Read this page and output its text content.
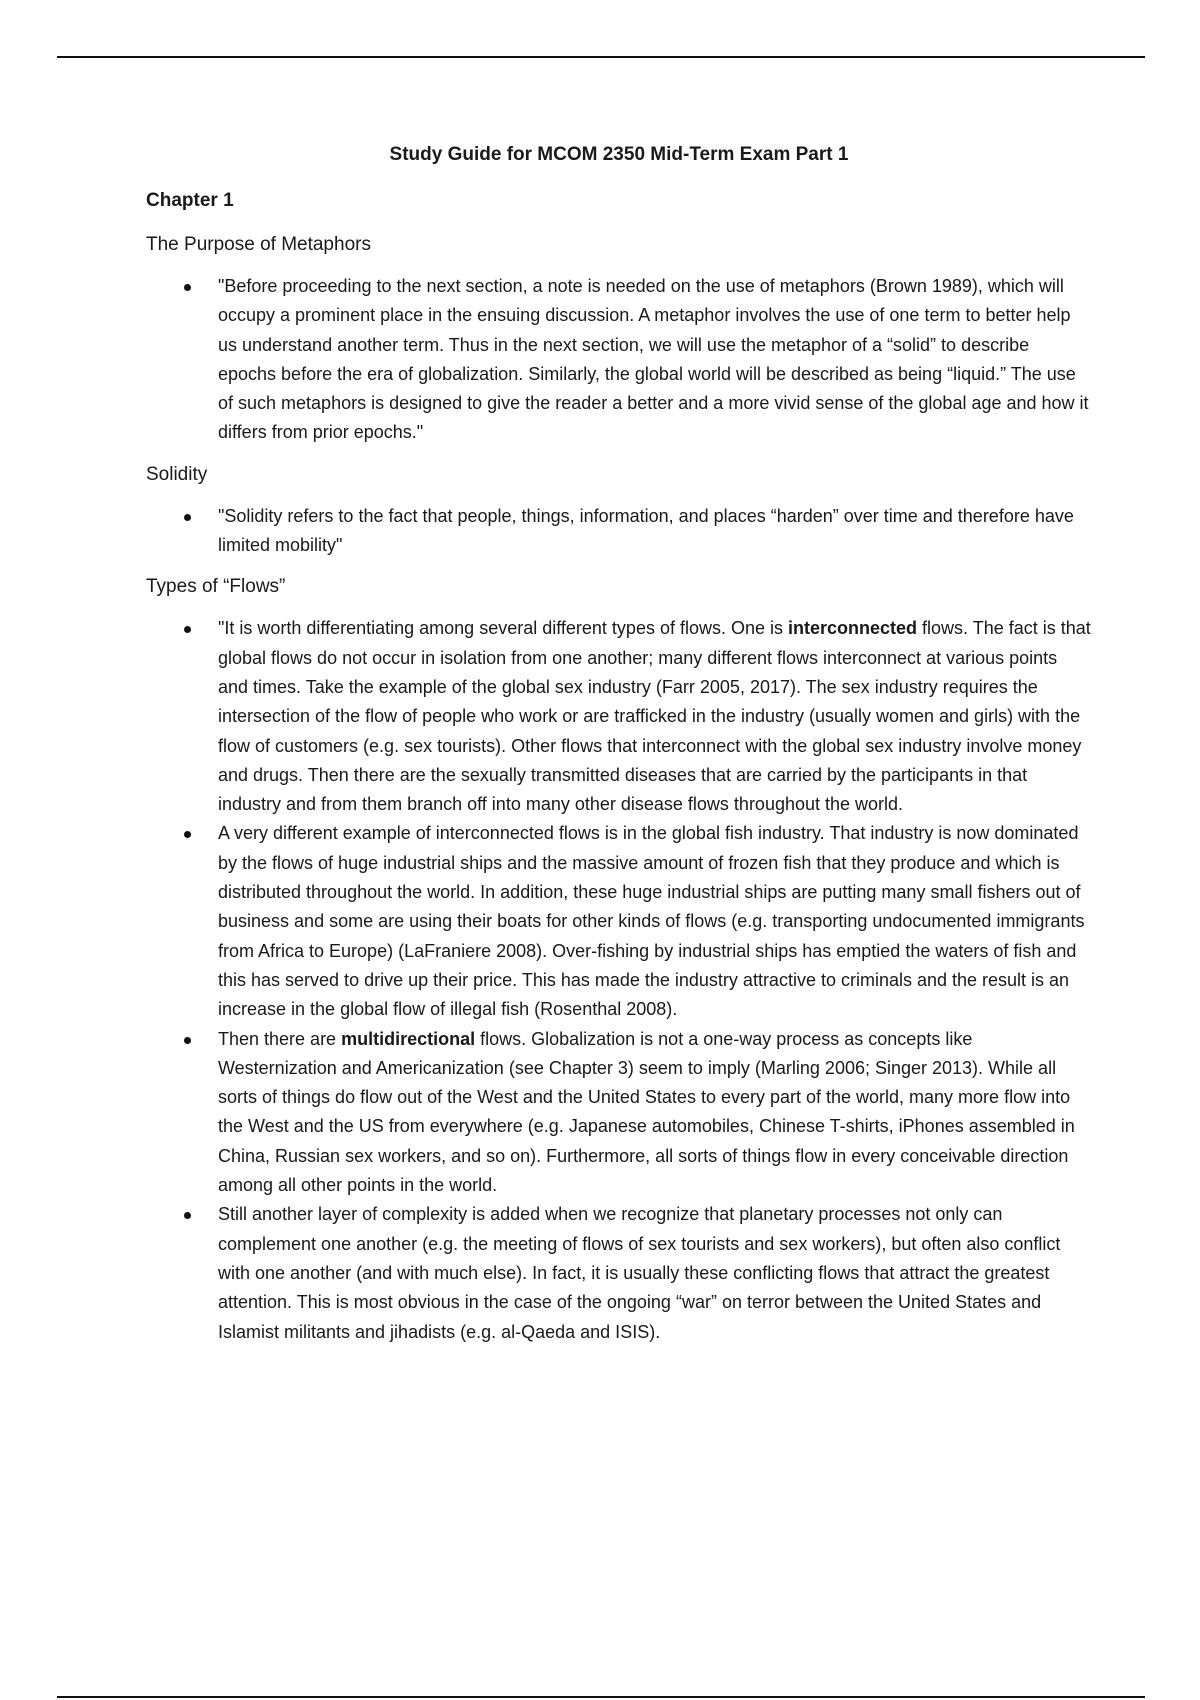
Study Guide for MCOM 2350 Mid-Term Exam Part 1
Chapter 1
The Purpose of Metaphors
"Before proceeding to the next section, a note is needed on the use of metaphors (Brown 1989), which will occupy a prominent place in the ensuing discussion. A metaphor involves the use of one term to better help us understand another term. Thus in the next section, we will use the metaphor of a “solid” to describe epochs before the era of globalization. Similarly, the global world will be described as being “liquid.” The use of such metaphors is designed to give the reader a better and a more vivid sense of the global age and how it differs from prior epochs."
Solidity
"Solidity refers to the fact that people, things, information, and places “harden” over time and therefore have limited mobility"
Types of “Flows”
"It is worth differentiating among several different types of flows. One is interconnected flows. The fact is that global flows do not occur in isolation from one another; many different flows interconnect at various points and times. Take the example of the global sex industry (Farr 2005, 2017). The sex industry requires the intersection of the flow of people who work or are trafficked in the industry (usually women and girls) with the flow of customers (e.g. sex tourists). Other flows that interconnect with the global sex industry involve money and drugs. Then there are the sexually transmitted diseases that are carried by the participants in that industry and from them branch off into many other disease flows throughout the world.
A very different example of interconnected flows is in the global fish industry. That industry is now dominated by the flows of huge industrial ships and the massive amount of frozen fish that they produce and which is distributed throughout the world. In addition, these huge industrial ships are putting many small fishers out of business and some are using their boats for other kinds of flows (e.g. transporting undocumented immigrants from Africa to Europe) (LaFraniere 2008). Over-fishing by industrial ships has emptied the waters of fish and this has served to drive up their price. This has made the industry attractive to criminals and the result is an increase in the global flow of illegal fish (Rosenthal 2008).
Then there are multidirectional flows. Globalization is not a one-way process as concepts like Westernization and Americanization (see Chapter 3) seem to imply (Marling 2006; Singer 2013). While all sorts of things do flow out of the West and the United States to every part of the world, many more flow into the West and the US from everywhere (e.g. Japanese automobiles, Chinese T-shirts, iPhones assembled in China, Russian sex workers, and so on). Furthermore, all sorts of things flow in every conceivable direction among all other points in the world.
Still another layer of complexity is added when we recognize that planetary processes not only can complement one another (e.g. the meeting of flows of sex tourists and sex workers), but often also conflict with one another (and with much else). In fact, it is usually these conflicting flows that attract the greatest attention. This is most obvious in the case of the ongoing “war” on terror between the United States and Islamist militants and jihadists (e.g. al-Qaeda and ISIS).
